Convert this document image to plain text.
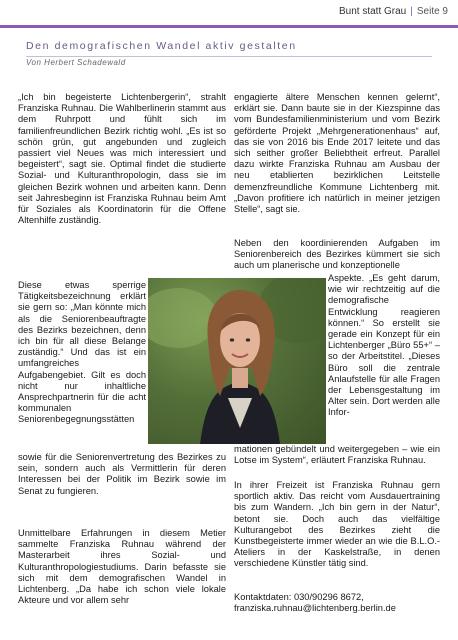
Bunt statt Grau | Seite 9
Den demografischen Wandel aktiv gestalten
Von Herbert Schadewald

„Ich bin begeisterte Lichtenbergerin“, strahlt Franziska Ruhnau. Die Wahlberlinerin stammt aus dem Ruhrpott und fühlt sich im familienfreundlichen Bezirk richtig wohl. „Es ist so schön grün, gut angebunden und zugleich passiert viel Neues was mich interessiert und begeistert“, sagt sie. Optimal findet die studierte Sozial- und Kulturanthropologin, dass sie im gleichen Bezirk wohnen und arbeiten kann. Denn seit Jahresbeginn ist Franziska Ruhnau beim Amt für Soziales als Koordinatorin für die Offene Altenhilfe zuständig.

Diese etwas sperrige Tätigkeitsbezeichnung erklärt sie gern so: „Man könnte mich als die Seniorenbeauftragte des Bezirks bezeichnen, denn ich bin für all diese Belange zuständig.“ Und das ist ein umfangreiches Aufgabengebiet. Gilt es doch nicht nur inhaltliche Ansprechpartnerin für die acht kommunalen Seniorenbegegnungsstätten

sowie für die Seniorenvertretung des Bezirkes zu sein, sondern auch als Vermittlerin für deren Interessen bei der Politik im Bezirk sowie im Senat zu fungieren.

Unmittelbare Erfahrungen in diesem Metier sammelte Franziska Ruhnau während der Masterarbeit ihres Sozial- und Kulturanthropologiestudiums. Darin befasste sie sich mit dem demografischen Wandel in Lichtenberg. „Da habe ich schon viele lokale Akteure und vor allem sehr

engagierte ältere Menschen kennen gelernt“, erklärt sie. Dann baute sie in der Kiezspinne das vom Bundesfamilienministerium und vom Bezirk geförderte Projekt „Mehrgenerationenhaus“ auf, das sie von 2016 bis Ende 2017 leitete und das sich seither großer Beliebtheit erfreut. Parallel dazu wirkte Franziska Ruhnau am Ausbau der neu etablierten bezirklichen Leitstelle demenzfreundliche Kommune Lichtenberg mit. „Davon profitiere ich natürlich in meiner jetzigen Stelle“, sagt sie.

Neben den koordinierenden Aufgaben im Seniorenbereich des Bezirkes kümmert sie sich auch um planerische und konzeptionelle

Aspekte. „Es geht darum, wie wir rechtzeitig auf die demografische Entwicklung reagieren können.“ So erstellt sie gerade ein Konzept für ein Lichtenberger „Büro 55+“ – so der Arbeitstitel. „Dieses Büro soll die zentrale Anlaufstelle für alle Fragen der Lebensgestaltung im Alter sein. Dort werden alle Infor-

mationen gebündelt und weitergegeben – wie ein Lotse im System“, erläutert Franziska Ruhnau.

In ihrer Freizeit ist Franziska Ruhnau gern sportlich aktiv. Das reicht vom Ausdauertraining bis zum Wandern. „Ich bin gern in der Natur“, betont sie. Doch auch das vielfältige Kulturangebot des Bezirkes zieht die Kunstbegeisterte immer wieder an wie die B.L.O.-Ateliers in der Kaskelstraße, in denen verschiedene Künstler tätig sind.

Kontaktdaten: 030/90296 8672,
franziska.ruhnau@lichtenberg.berlin.de
